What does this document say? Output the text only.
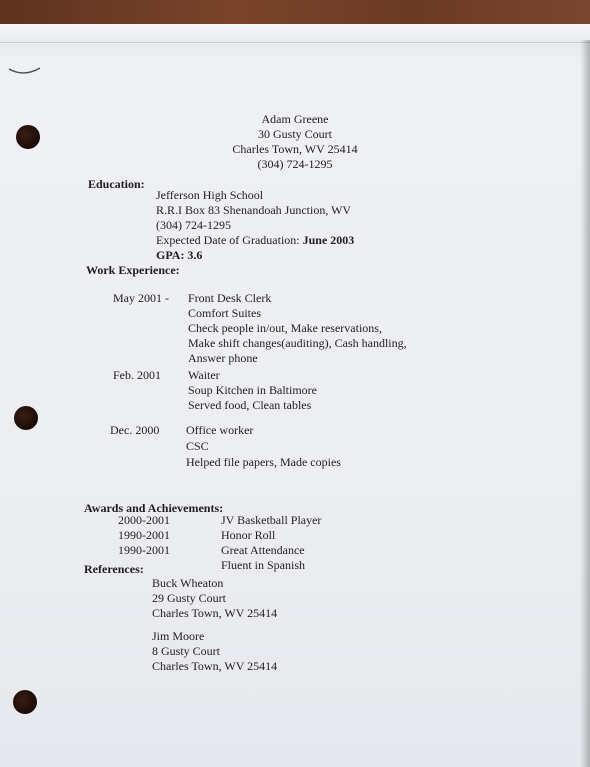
Adam Greene
30 Gusty Court
Charles Town, WV 25414
(304) 724-1295
Education:
Jefferson High School
R.R.I Box 83 Shenandoah Junction, WV
(304) 724-1295
Expected Date of Graduation: June 2003
GPA: 3.6
Work Experience:
May 2001 - Front Desk Clerk
Comfort Suites
Check people in/out, Make reservations,
Make shift changes(auditing), Cash handling,
Answer phone
Feb. 2001 Waiter
Soup Kitchen in Baltimore
Served food, Clean tables
Dec. 2000 Office worker
CSC
Helped file papers, Made copies
Awards and Achievements:
2000-2001
1990-2001
1990-2001
JV Basketball Player
Honor Roll
Great Attendance
Fluent in Spanish
References:
Buck Wheaton
29 Gusty Court
Charles Town, WV 25414
Jim Moore
8 Gusty Court
Charles Town, WV 25414
